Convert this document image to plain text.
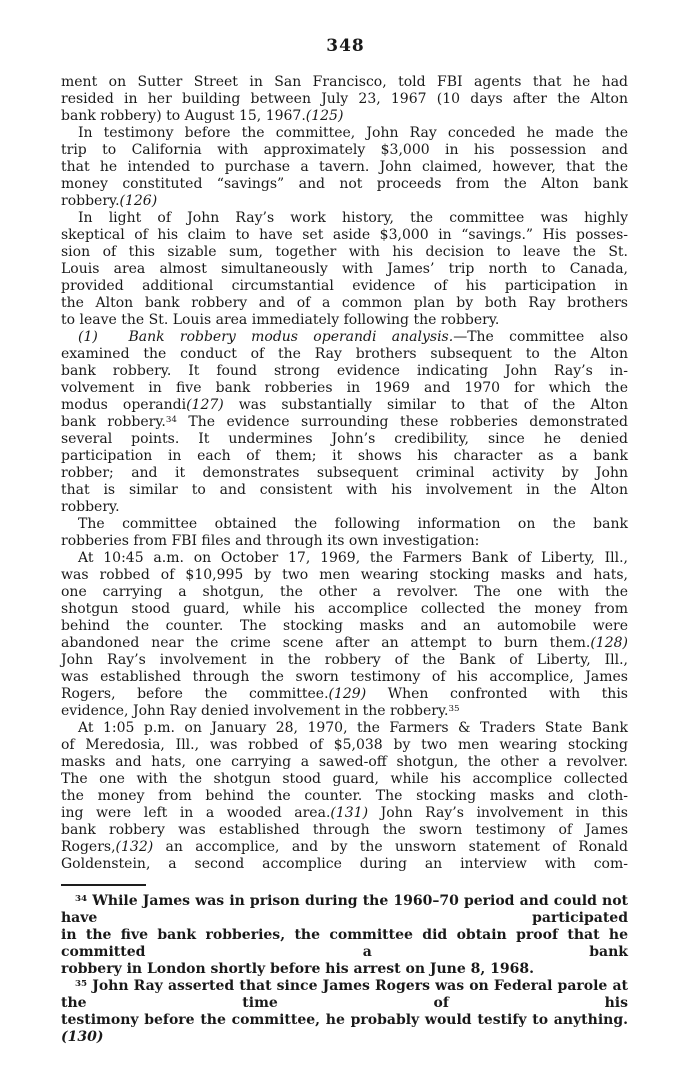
348

ment on Sutter Street in San Francisco, told FBI agents that he had
resided in her building between July 23, 1967 (10 days after the Alton
bank robbery) to August 15, 1967.(125)

In testimony before the committee, John Ray conceded he made the
trip to California with approximately $3,000 in his possession and
that he intended to purchase a tavern. John claimed, however, that the
money constituted “savings” and not proceeds from the Alton bank
robbery.(126)

In light of John Ray’s work history, the committee was highly
skeptical of his claim to have set aside $3,000 in “savings.” His posses-
sion of this sizable sum, together with his decision to leave the St.
Louis area almost simultaneously with James’ trip north to Canada,
provided additional circumstantial evidence of his participation in
the Alton bank robbery and of a common plan by both Ray brothers
to leave the St. Louis area immediately following the robbery.

(1)  Bank robbery modus operandi analysis.—The committee also
examined the conduct of the Ray brothers subsequent to the Alton
bank robbery. It found strong evidence indicating John Ray’s in-
volvement in five bank robberies in 1969 and 1970 for which the
modus operandi(127) was substantially similar to that of the Alton
bank robbery.$^{34}$ The evidence surrounding these robberies demonstrated
several points. It undermines John’s credibility, since he denied
participation in each of them; it shows his character as a bank
robber; and it demonstrates subsequent criminal activity by John
that is similar to and consistent with his involvement in the Alton
robbery.

The committee obtained the following information on the bank
robberies from FBI files and through its own investigation:

At 10:45 a.m. on October 17, 1969, the Farmers Bank of Liberty, Ill.,
was robbed of $10,995 by two men wearing stocking masks and hats,
one carrying a shotgun, the other a revolver. The one with the
shotgun stood guard, while his accomplice collected the money from
behind the counter. The stocking masks and an automobile were
abandoned near the crime scene after an attempt to burn them.(128)
John Ray’s involvement in the robbery of the Bank of Liberty, Ill.,
was established through the sworn testimony of his accomplice, James
Rogers, before the committee.(129) When confronted with this
evidence, John Ray denied involvement in the robbery.$^{35}$

At 1:05 p.m. on January 28, 1970, the Farmers & Traders State Bank
of Meredosia, Ill., was robbed of $5,038 by two men wearing stocking
masks and hats, one carrying a sawed-off shotgun, the other a revolver.
The one with the shotgun stood guard, while his accomplice collected
the money from behind the counter. The stocking masks and cloth-
ing were left in a wooded area.(131) John Ray’s involvement in this
bank robbery was established through the sworn testimony of James
Rogers,(132) an accomplice, and by the unsworn statement of Ronald
Goldenstein, a second accomplice during an interview with com-

$^{34}$ While James was in prison during the 1960–70 period and could not have participated
in the five bank robberies, the committee did obtain proof that he committed a bank
robbery in London shortly before his arrest on June 8, 1968.

$^{35}$ John Ray asserted that since James Rogers was on Federal parole at the time of his
testimony before the committee, he probably would testify to anything.(130)
